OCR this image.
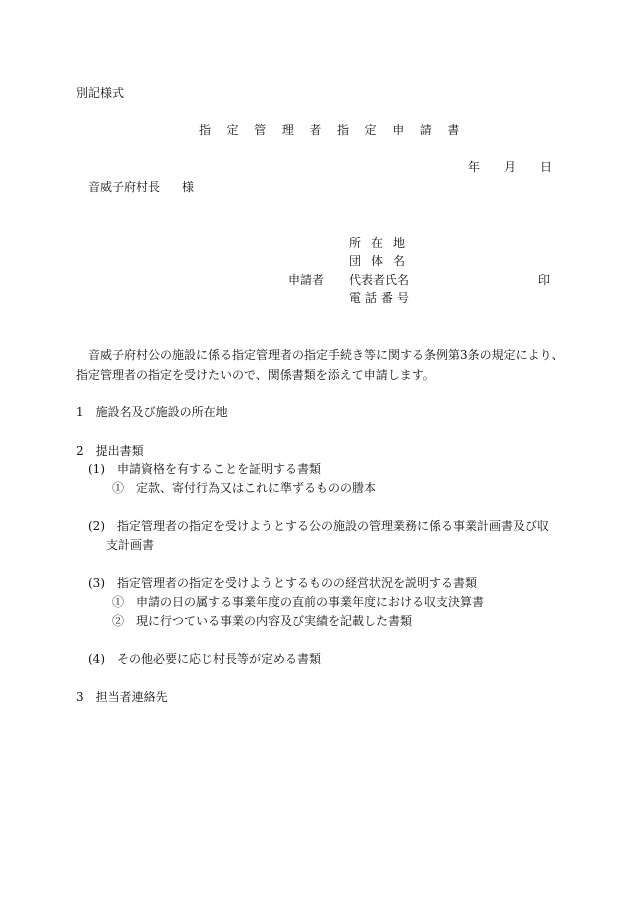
別記様式
指定管理者指定申請書
年 月 日
音威子府村長 様
所在地
団体名
申請者 代表者氏名	印
電話番号
音威子府村公の施設に係る指定管理者の指定手続き等に関する条例第3条の規定により、
指定管理者の指定を受けたいので、関係書類を添えて申請します。
1　施設名及び施設の所在地
2　提出書類
(1)　申請資格を有することを証明する書類
①　定款、寄付行為又はこれに準ずるものの謄本
(2)　指定管理者の指定を受けようとする公の施設の管理業務に係る事業計画書及び収
支計画書
(3)　指定管理者の指定を受けようとするものの経営状況を説明する書類
①　申請の日の属する事業年度の直前の事業年度における収支決算書
②　現に行つている事業の内容及び実績を記載した書類
(4)　その他必要に応じ村長等が定める書類
3　担当者連絡先
